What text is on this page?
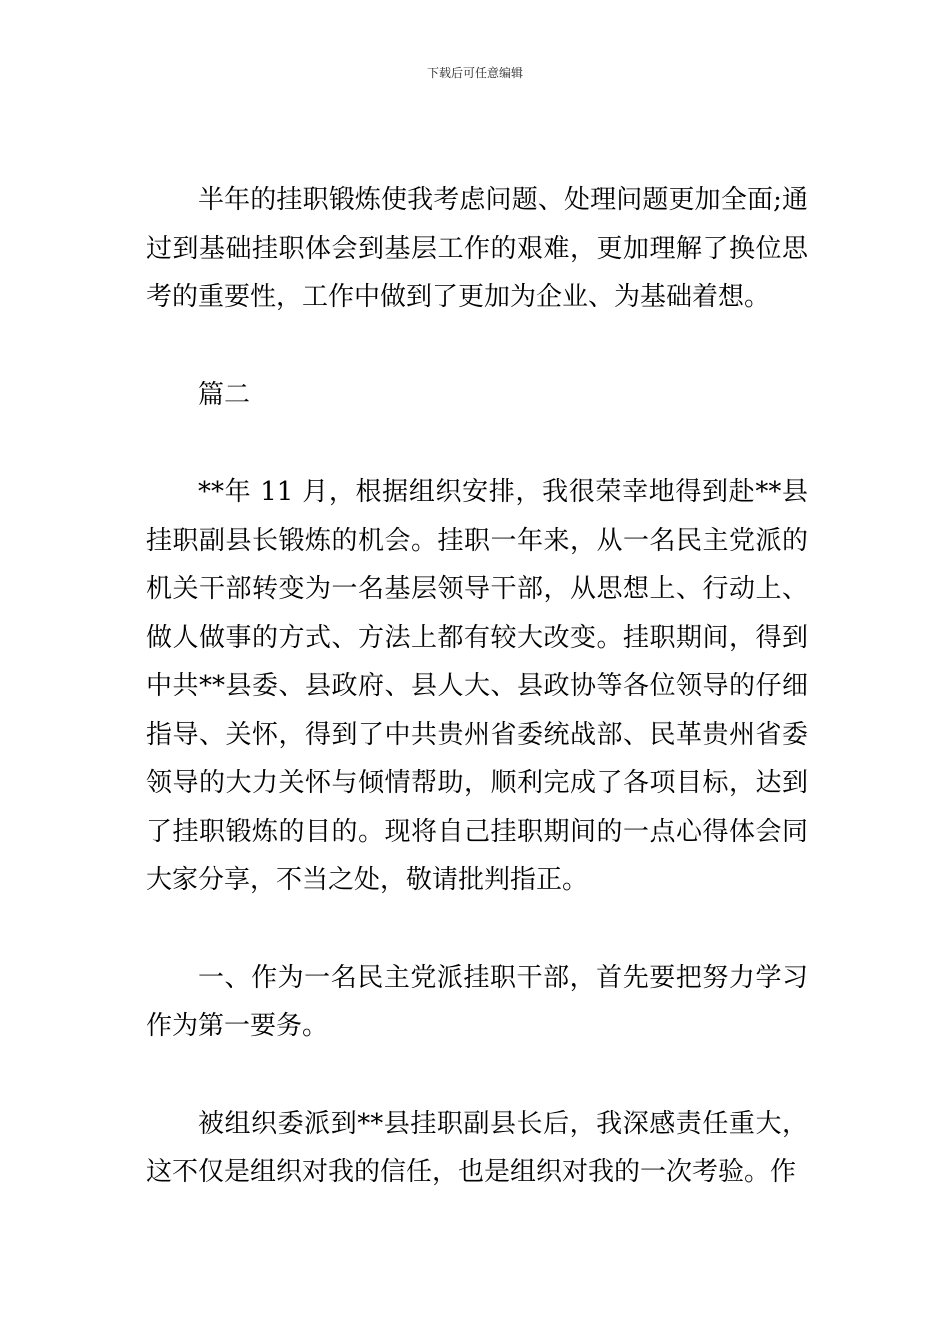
下载后可任意编辑

半年的挂职锻炼使我考虑问题、处理问题更加全面;通过到基础挂职体会到基层工作的艰难，更加理解了换位思考的重要性，工作中做到了更加为企业、为基础着想。

篇二

**年 11 月，根据组织安排，我很荣幸地得到赴**县挂职副县长锻炼的机会。挂职一年来，从一名民主党派的机关干部转变为一名基层领导干部，从思想上、行动上、做人做事的方式、方法上都有较大改变。挂职期间，得到中共**县委、县政府、县人大、县政协等各位领导的仔细指导、关怀，得到了中共贵州省委统战部、民革贵州省委领导的大力关怀与倾情帮助，顺利完成了各项目标，达到了挂职锻炼的目的。现将自己挂职期间的一点心得体会同大家分享，不当之处，敬请批判指正。

一、作为一名民主党派挂职干部，首先要把努力学习作为第一要务。

被组织委派到**县挂职副县长后，我深感责任重大，这不仅是组织对我的信任，也是组织对我的一次考验。作
